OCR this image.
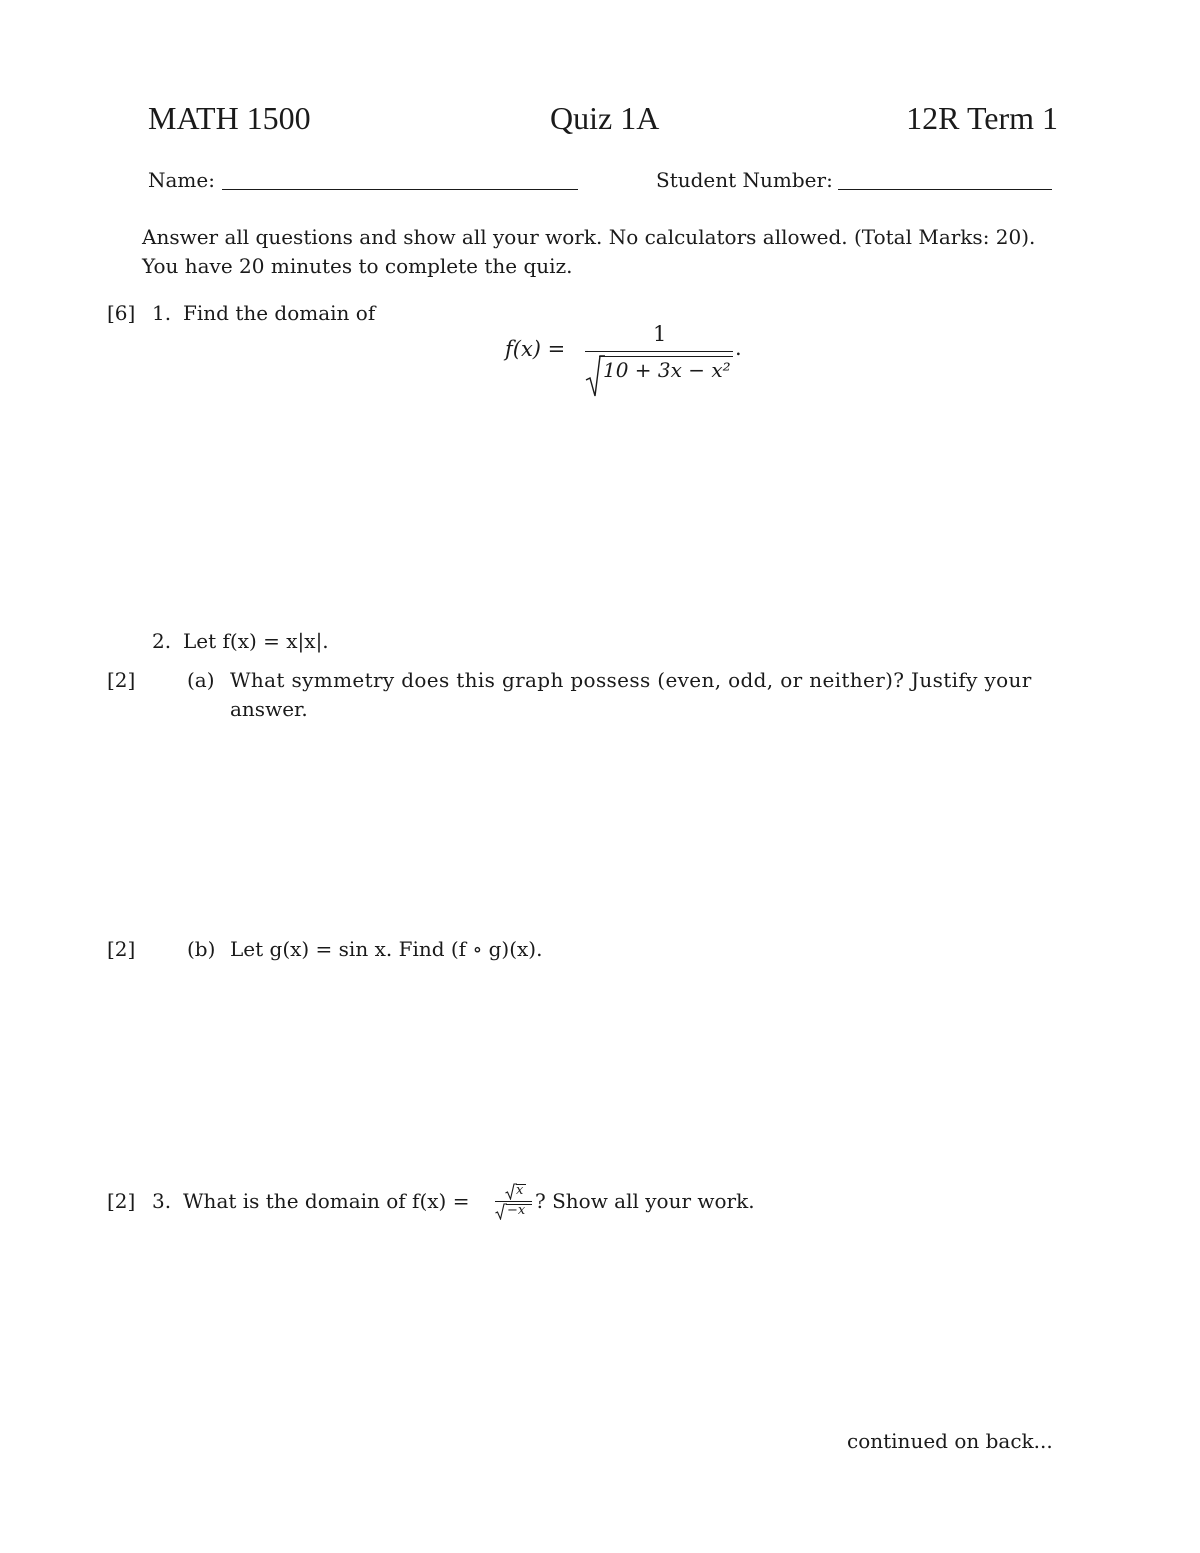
MATH 1500	Quiz 1A	12R Term 1
Name:	Student Number:
Answer all questions and show all your work. No calculators allowed. (Total Marks: 20).
You have 20 minutes to complete the quiz.
[6] 1. Find the domain of
f(x) =
1
10 + 3x − x²
.
2. Let f(x) = x|x|.
[2]	(a) What symmetry does this graph possess (even, odd, or neither)? Justify your
answer.
[2]	(b) Let g(x) = sin x. Find (f ∘ g)(x).
[2] 3. What is the domain of f(x) =	x
−x ? Show all your work.
continued on back...
